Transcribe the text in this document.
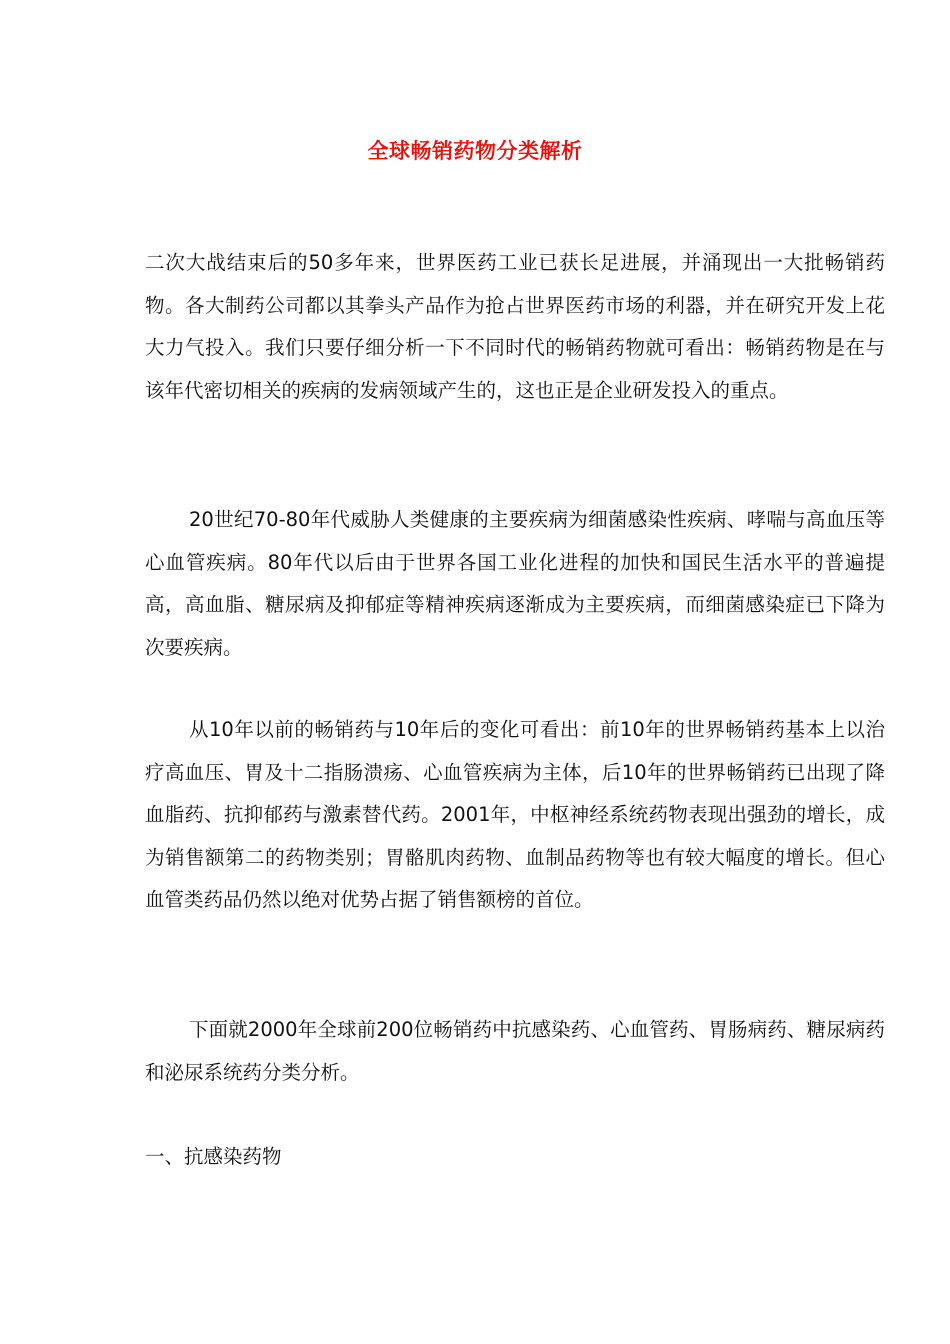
全球畅销药物分类解析

二次大战结束后的50多年来，世界医药工业已获长足进展，并涌现出一大批畅销药物。各大制药公司都以其拳头产品作为抢占世界医药市场的利器，并在研究开发上花大力气投入。我们只要仔细分析一下不同时代的畅销药物就可看出：畅销药物是在与该年代密切相关的疾病的发病领域产生的，这也正是企业研发投入的重点。

20世纪70-80年代威胁人类健康的主要疾病为细菌感染性疾病、哮喘与高血压等心血管疾病。80年代以后由于世界各国工业化进程的加快和国民生活水平的普遍提高，高血脂、糖尿病及抑郁症等精神疾病逐渐成为主要疾病，而细菌感染症已下降为次要疾病。

从10年以前的畅销药与10年后的变化可看出：前10年的世界畅销药基本上以治疗高血压、胃及十二指肠溃疡、心血管疾病为主体，后10年的世界畅销药已出现了降血脂药、抗抑郁药与激素替代药。2001年，中枢神经系统药物表现出强劲的增长，成为销售额第二的药物类别；胃骼肌肉药物、血制品药物等也有较大幅度的增长。但心血管类药品仍然以绝对优势占据了销售额榜的首位。

下面就2000年全球前200位畅销药中抗感染药、心血管药、胃肠病药、糖尿病药和泌尿系统药分类分析。

一、抗感染药物
